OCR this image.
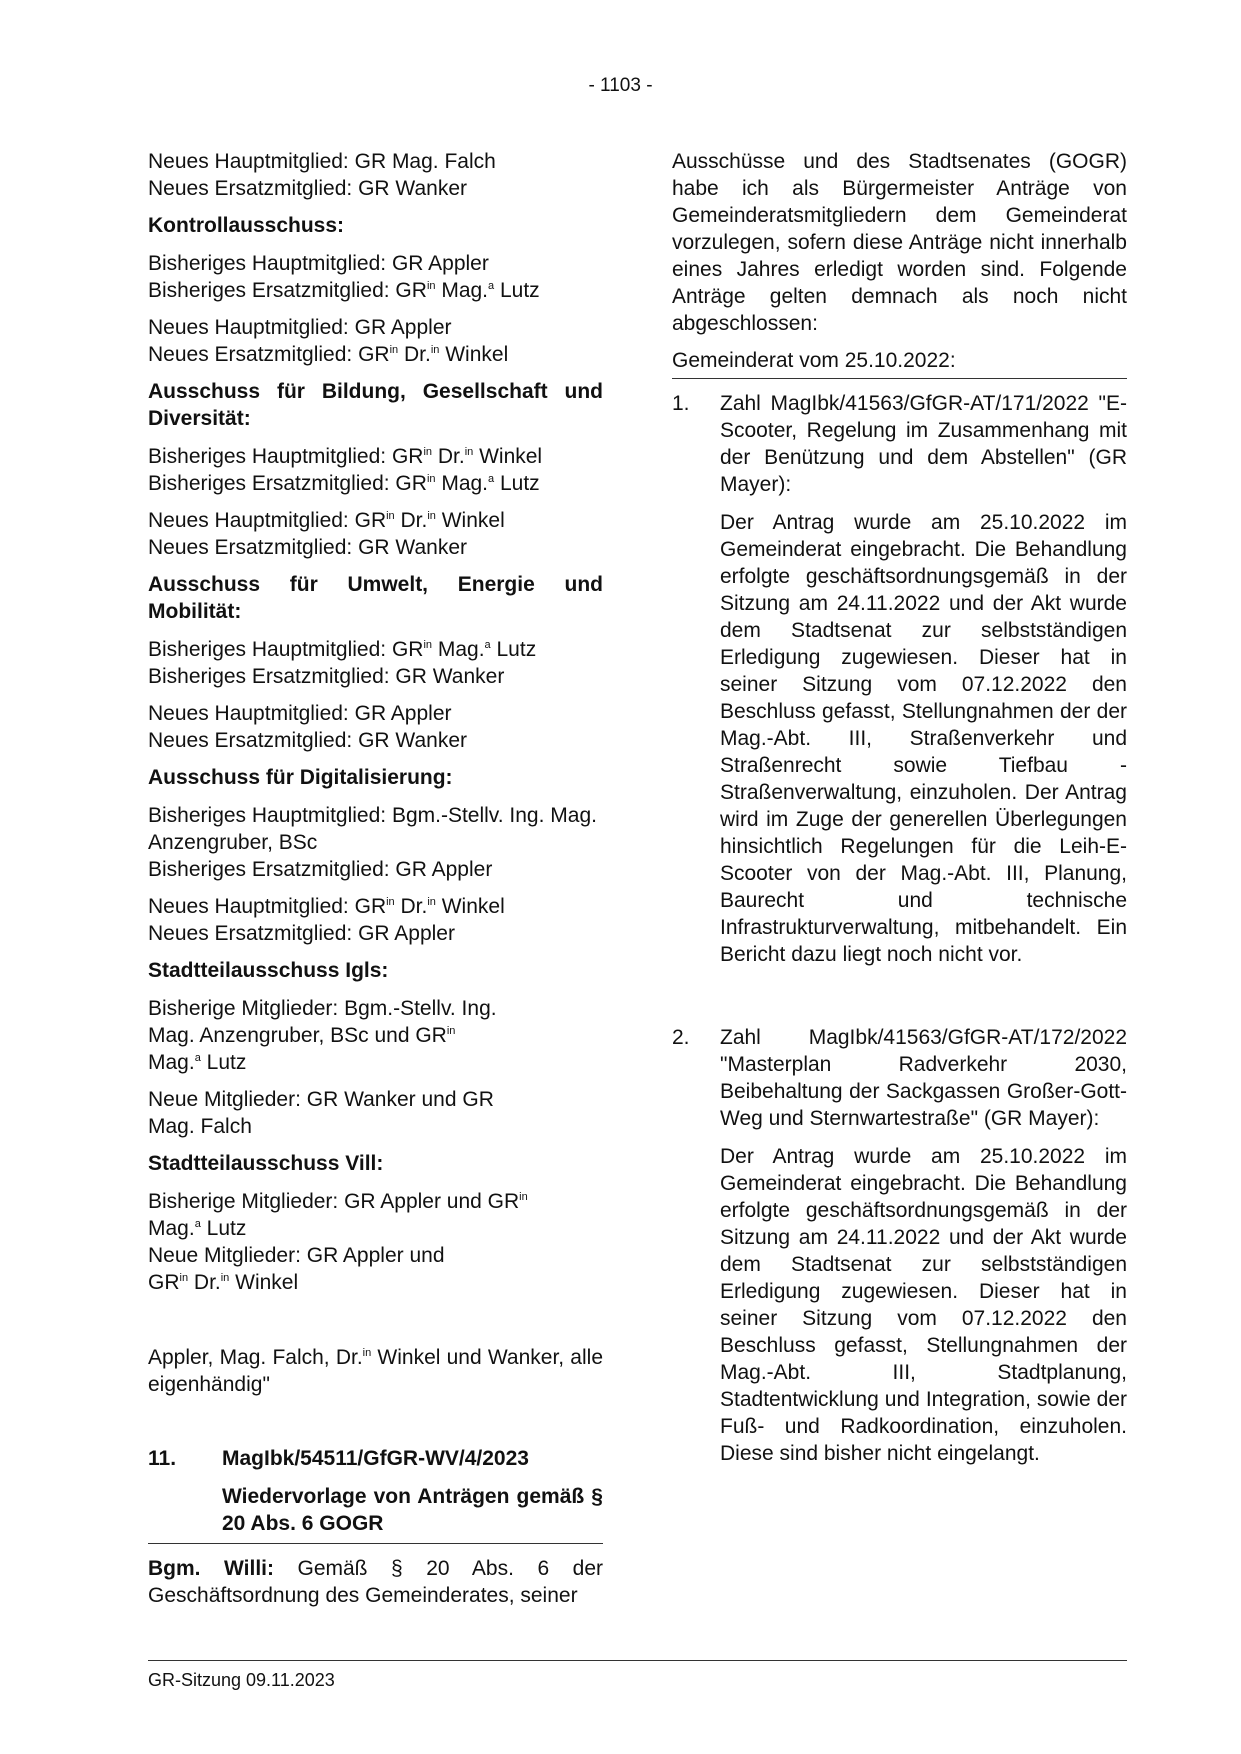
- 1103 -

Neues Hauptmitglied: GR Mag. Falch

Neues Ersatzmitglied: GR Wanker

Kontrollausschuss:

Bisheriges Hauptmitglied: GR Appler

Bisheriges Ersatzmitglied: $GR^{in}$ Mag.$^a$ Lutz

Neues Hauptmitglied: GR Appler

Neues Ersatzmitglied: $GR^{in}$ Dr.$^{in}$ Winkel

Ausschuss für Bildung, Gesellschaft und Diversität:

Bisheriges Hauptmitglied: $GR^{in}$ Dr.$^{in}$ Winkel

Bisheriges Ersatzmitglied: $GR^{in}$ Mag.$^a$ Lutz

Neues Hauptmitglied: $GR^{in}$ Dr.$^{in}$ Winkel

Neues Ersatzmitglied: GR Wanker

Ausschuss für Umwelt, Energie und Mobilität:

Bisheriges Hauptmitglied: $GR^{in}$ Mag.$^a$ Lutz

Bisheriges Ersatzmitglied: GR Wanker

Neues Hauptmitglied: GR Appler

Neues Ersatzmitglied: GR Wanker

Ausschuss für Digitalisierung:

Bisheriges Hauptmitglied: Bgm.-Stellv. Ing. Mag. Anzengruber, BSc

Bisheriges Ersatzmitglied: GR Appler

Neues Hauptmitglied: $GR^{in}$ Dr.$^{in}$ Winkel

Neues Ersatzmitglied: GR Appler

Stadtteilausschuss Igls:

Bisherige Mitglieder: Bgm.-Stellv. Ing.

Mag. Anzengruber, BSc und $GR^{in}$

Mag.$^a$ Lutz

Neue Mitglieder: GR Wanker und GR

Mag. Falch

Stadtteilausschuss Vill:

Bisherige Mitglieder: GR Appler und $GR^{in}$

Mag.$^a$ Lutz

Neue Mitglieder: GR Appler und

$GR^{in}$ Dr.$^{in}$ Winkel

Appler, Mag. Falch, Dr.$^{in}$ Winkel und Wanker, alle eigenhändig"

11. MagIbk/54511/GfGR-WV/4/2023

Wiedervorlage von Anträgen gemäß § 20 Abs. 6 GOGR

Bgm. Willi: Gemäß § 20 Abs. 6 der Geschäftsordnung des Gemeinderates, seiner

Ausschüsse und des Stadtsenates (GOGR) habe ich als Bürgermeister Anträge von Gemeinderatsmitgliedern dem Gemeinderat vorzulegen, sofern diese Anträge nicht innerhalb eines Jahres erledigt worden sind. Folgende Anträge gelten demnach als noch nicht abgeschlossen:

Gemeinderat vom 25.10.2022:

1. Zahl MagIbk/41563/GfGR-AT/171/2022 "E-Scooter, Regelung im Zusammenhang mit der Benützung und dem Abstellen" (GR Mayer):

Der Antrag wurde am 25.10.2022 im Gemeinderat eingebracht. Die Behandlung erfolgte geschäftsordnungsgemäß in der Sitzung am 24.11.2022 und der Akt wurde dem Stadtsenat zur selbstständigen Erledigung zugewiesen. Dieser hat in seiner Sitzung vom 07.12.2022 den Beschluss gefasst, Stellungnahmen der der Mag.-Abt. III, Straßenverkehr und Straßenrecht sowie Tiefbau - Straßenverwaltung, einzuholen. Der Antrag wird im Zuge der generellen Überlegungen hinsichtlich Regelungen für die Leih-E-Scooter von der Mag.-Abt. III, Planung, Baurecht und technische Infrastrukturverwaltung, mitbehandelt. Ein Bericht dazu liegt noch nicht vor.

2. Zahl MagIbk/41563/GfGR-AT/172/2022 "Masterplan Radverkehr 2030, Beibehaltung der Sackgassen Großer-Gott-Weg und Sternwartestraße" (GR Mayer):

Der Antrag wurde am 25.10.2022 im Gemeinderat eingebracht. Die Behandlung erfolgte geschäftsordnungsgemäß in der Sitzung am 24.11.2022 und der Akt wurde dem Stadtsenat zur selbstständigen Erledigung zugewiesen. Dieser hat in seiner Sitzung vom 07.12.2022 den Beschluss gefasst, Stellungnahmen der Mag.-Abt. III, Stadtplanung, Stadtentwicklung und Integration, sowie der Fuß- und Radkoordination, einzuholen. Diese sind bisher nicht eingelangt.

GR-Sitzung 09.11.2023
